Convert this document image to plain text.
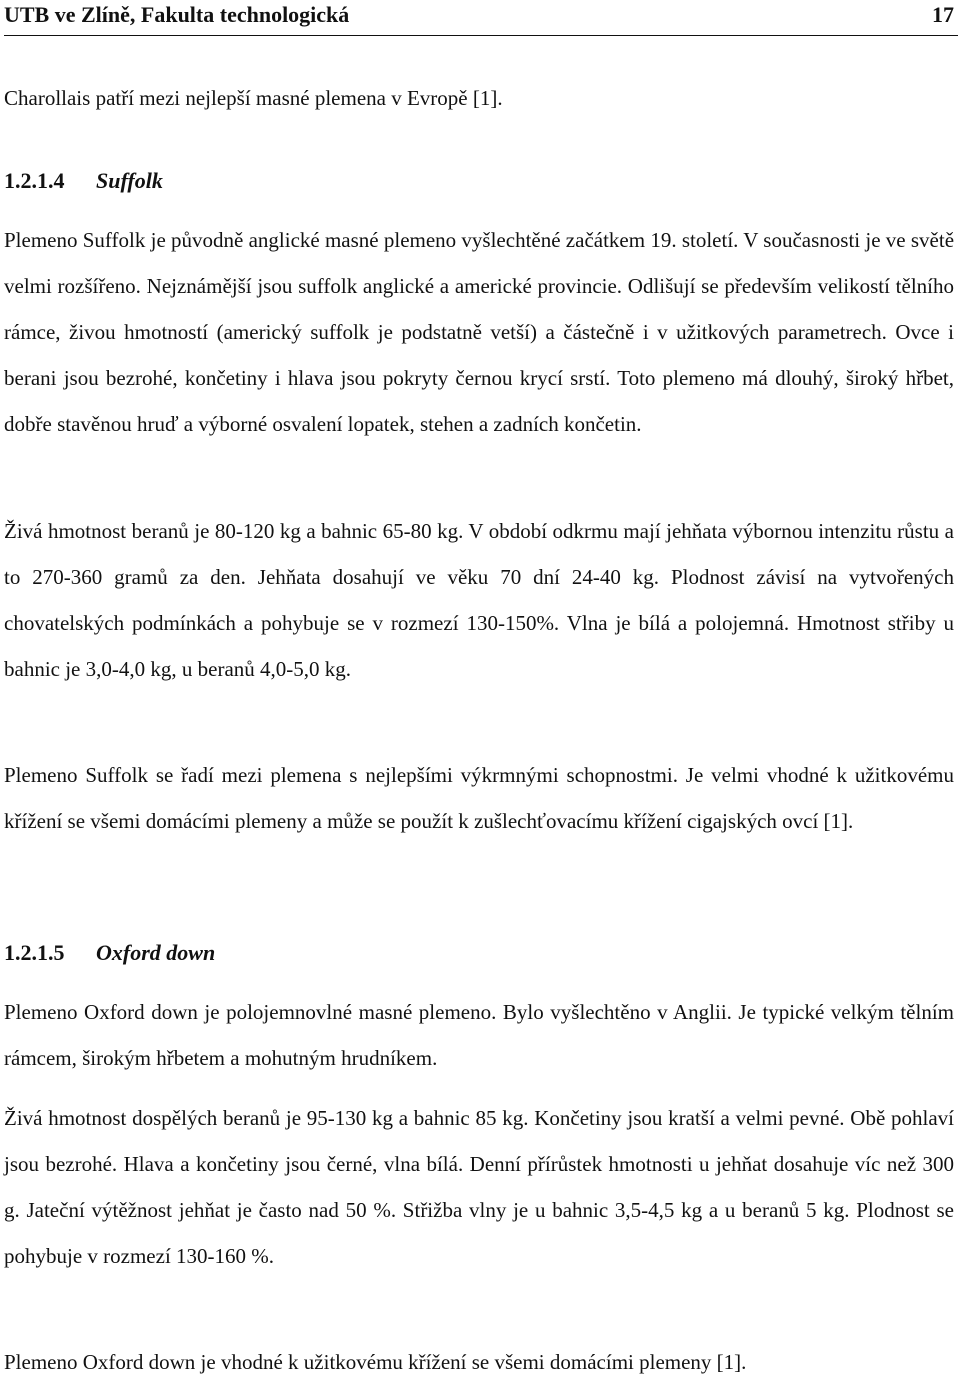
UTB ve Zlíně, Fakulta technologická	17

Charollais patří mezi nejlepší masné plemena v Evropě [1].

1.2.1.4 Suffolk

Plemeno Suffolk je původně anglické masné plemeno vyšlechtěné začátkem 19. století. V současnosti je ve světě velmi rozšířeno. Nejznámější jsou suffolk anglické a americké provincie. Odlišují se především velikostí tělního rámce, živou hmotností (americký suffolk je podstatně vetší) a částečně i v užitkových parametrech. Ovce i berani jsou bezrohé, končetiny i hlava jsou pokryty černou krycí srstí. Toto plemeno má dlouhý, široký hřbet, dobře stavěnou hruď a výborné osvalení lopatek, stehen a zadních končetin.

Živá hmotnost beranů je 80-120 kg a bahnic 65-80 kg. V období odkrmu mají jehňata výbornou intenzitu růstu a to 270-360 gramů za den. Jehňata dosahují ve věku 70 dní 24-40 kg. Plodnost závisí na vytvořených chovatelských podmínkách a pohybuje se v rozmezí 130-150%. Vlna je bílá a polojemná. Hmotnost střiby u bahnic je 3,0-4,0 kg, u beranů 4,0-5,0 kg.

Plemeno Suffolk se řadí mezi plemena s nejlepšími výkrmnými schopnostmi. Je velmi vhodné k užitkovému křížení se všemi domácími plemeny a může se použít k zušlechťovacímu křížení cigajských ovcí [1].

1.2.1.5 Oxford down

Plemeno Oxford down je polojemnovlné masné plemeno. Bylo vyšlechtěno v Anglii. Je typické velkým tělním rámcem, širokým hřbetem a mohutným hrudníkem.

Živá hmotnost dospělých beranů je 95-130 kg a bahnic 85 kg. Končetiny jsou kratší a velmi pevné. Obě pohlaví jsou bezrohé. Hlava a končetiny jsou černé, vlna bílá. Denní přírůstek hmotnosti u jehňat dosahuje víc než 300 g. Jateční výtěžnost jehňat je často nad 50 %. Střižba vlny je u bahnic 3,5-4,5 kg a u beranů 5 kg. Plodnost se pohybuje v rozmezí 130-160 %.

Plemeno Oxford down je vhodné k užitkovému křížení se všemi domácími plemeny [1].
